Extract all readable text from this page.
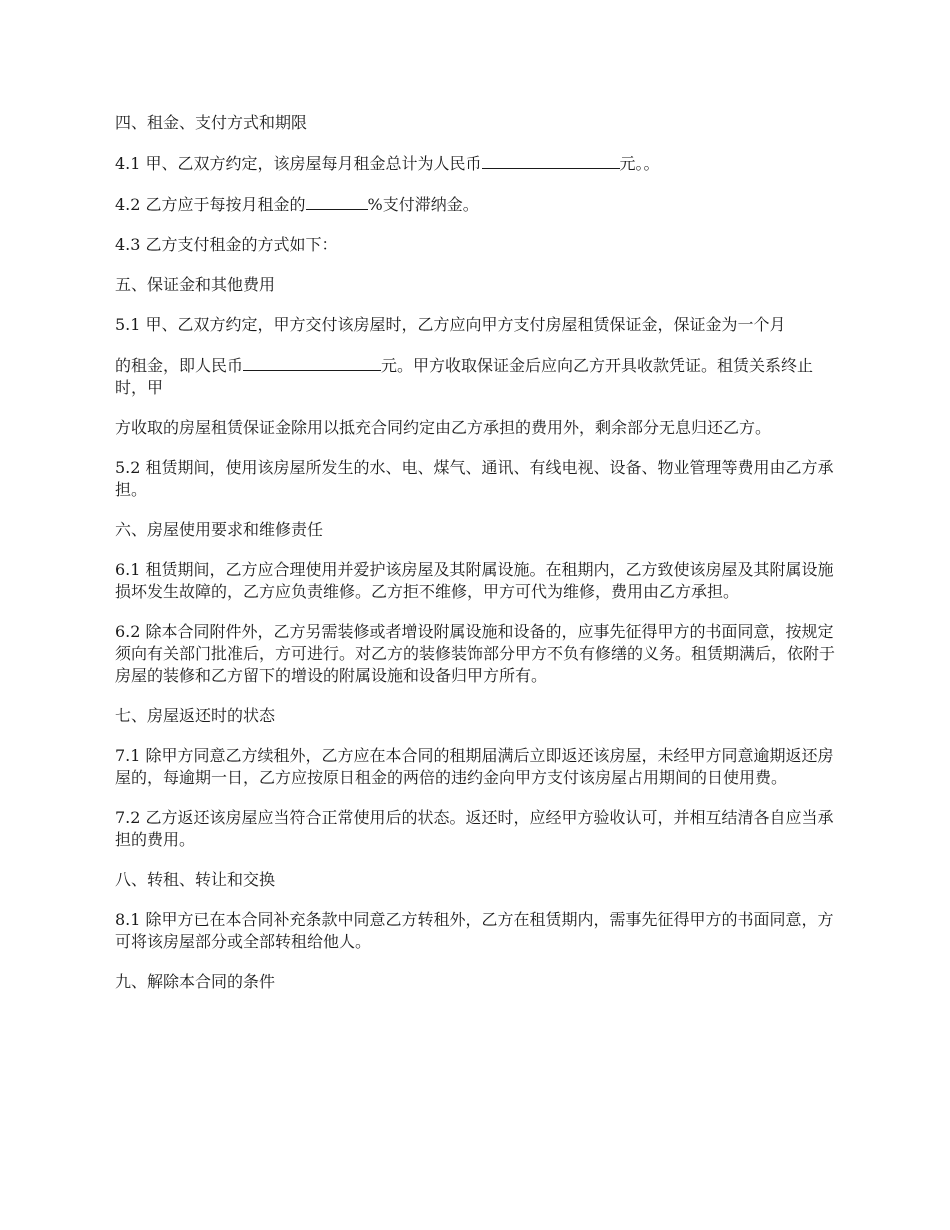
四、租金、支付方式和期限

4.1 甲、乙双方约定，该房屋每月租金总计为人民币	元。。

4.2 乙方应于每按月租金的	%支付滞纳金。

4.3 乙方支付租金的方式如下：

五、保证金和其他费用

5.1 甲、乙双方约定，甲方交付该房屋时，乙方应向甲方支付房屋租赁保证金，保证金为一个月

的租金，即人民币	元。甲方收取保证金后应向乙方开具收款凭证。租赁关系终止时，甲

方收取的房屋租赁保证金除用以抵充合同约定由乙方承担的费用外，剩余部分无息归还乙方。

5.2 租赁期间，使用该房屋所发生的水、电、煤气、通讯、有线电视、设备、物业管理等费用由乙方承担。

六、房屋使用要求和维修责任

6.1 租赁期间，乙方应合理使用并爱护该房屋及其附属设施。在租期内，乙方致使该房屋及其附属设施损坏发生故障的，乙方应负责维修。乙方拒不维修，甲方可代为维修，费用由乙方承担。

6.2 除本合同附件外，乙方另需装修或者增设附属设施和设备的，应事先征得甲方的书面同意，按规定须向有关部门批准后，方可进行。对乙方的装修装饰部分甲方不负有修缮的义务。租赁期满后，依附于房屋的装修和乙方留下的增设的附属设施和设备归甲方所有。

七、房屋返还时的状态

7.1 除甲方同意乙方续租外，乙方应在本合同的租期届满后立即返还该房屋，未经甲方同意逾期返还房屋的，每逾期一日，乙方应按原日租金的两倍的违约金向甲方支付该房屋占用期间的日使用费。

7.2 乙方返还该房屋应当符合正常使用后的状态。返还时，应经甲方验收认可，并相互结清各自应当承担的费用。

八、转租、转让和交换

8.1 除甲方已在本合同补充条款中同意乙方转租外，乙方在租赁期内，需事先征得甲方的书面同意，方可将该房屋部分或全部转租给他人。

九、解除本合同的条件
